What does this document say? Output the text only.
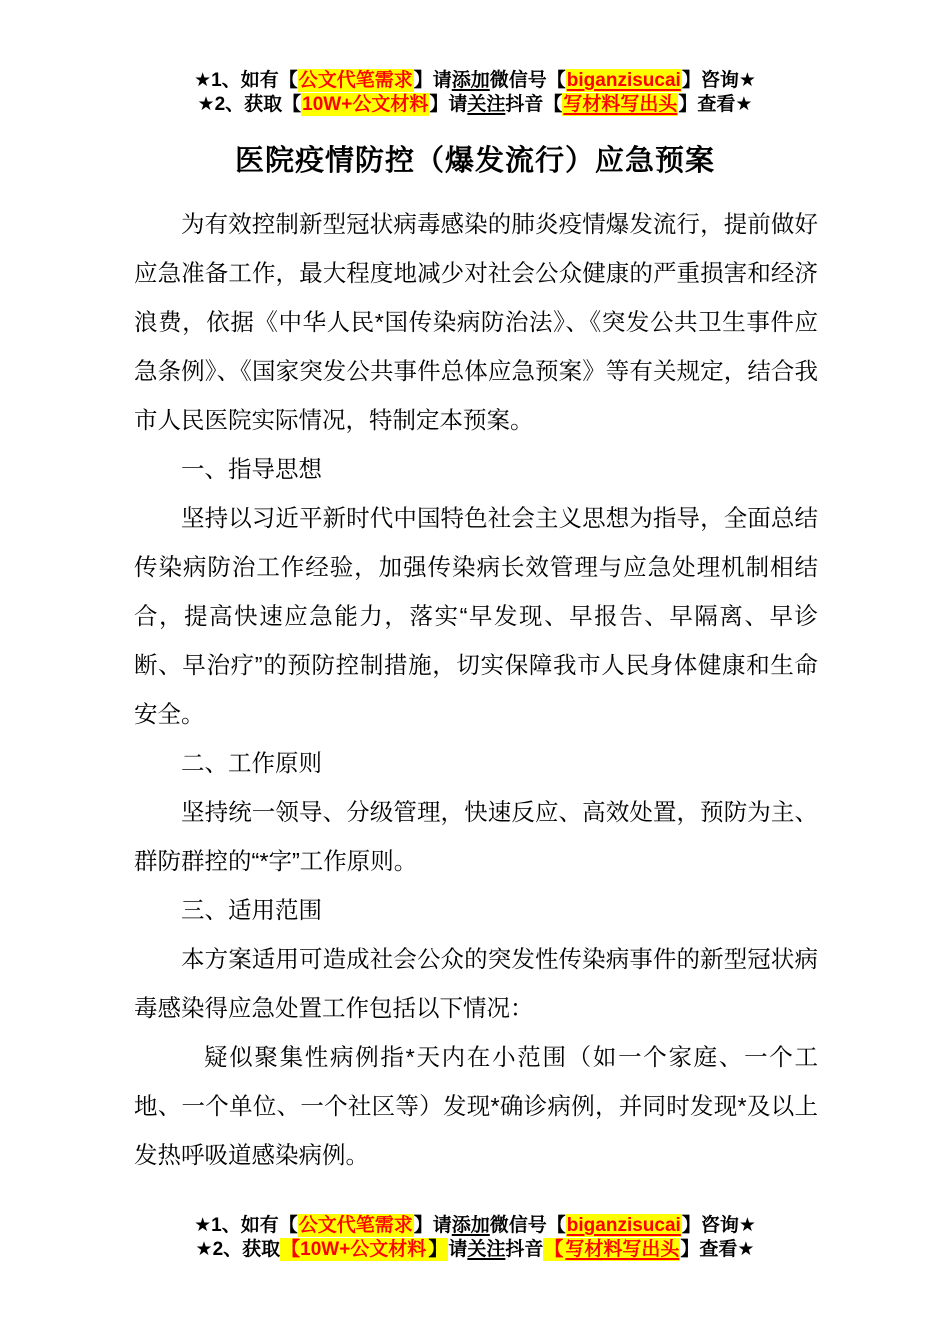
★1、如有【公文代笔需求】请添加微信号【biganzisucai】咨询★
★2、获取【10W+公文材料】请关注抖音【写材料写出头】查看★
医院疫情防控（爆发流行）应急预案

为有效控制新型冠状病毒感染的肺炎疫情爆发流行，提前做好应急准备工作，最大程度地减少对社会公众健康的严重损害和经济浪费，依据《中华人民*国传染病防治法》、《突发公共卫生事件应急条例》、《国家突发公共事件总体应急预案》等有关规定，结合我市人民医院实际情况，特制定本预案。

一、指导思想

坚持以习近平新时代中国特色社会主义思想为指导，全面总结传染病防治工作经验，加强传染病长效管理与应急处理机制相结合，提高快速应急能力，落实“早发现、早报告、早隔离、早诊断、早治疗”的预防控制措施，切实保障我市人民身体健康和生命安全。

二、工作原则

坚持统一领导、分级管理，快速反应、高效处置，预防为主、群防群控的“*字”工作原则。

三、适用范围

本方案适用可造成社会公众的突发性传染病事件的新型冠状病毒感染得应急处置工作包括以下情况：

疑似聚集性病例指*天内在小范围（如一个家庭、一个工地、一个单位、一个社区等）发现*确诊病例，并同时发现*及以上发热呼吸道感染病例。

★1、如有【公文代笔需求】请添加微信号【biganzisucai】咨询★
★2、获取【10W+公文材料 】请关注抖音【 写材料写出头】查看★
